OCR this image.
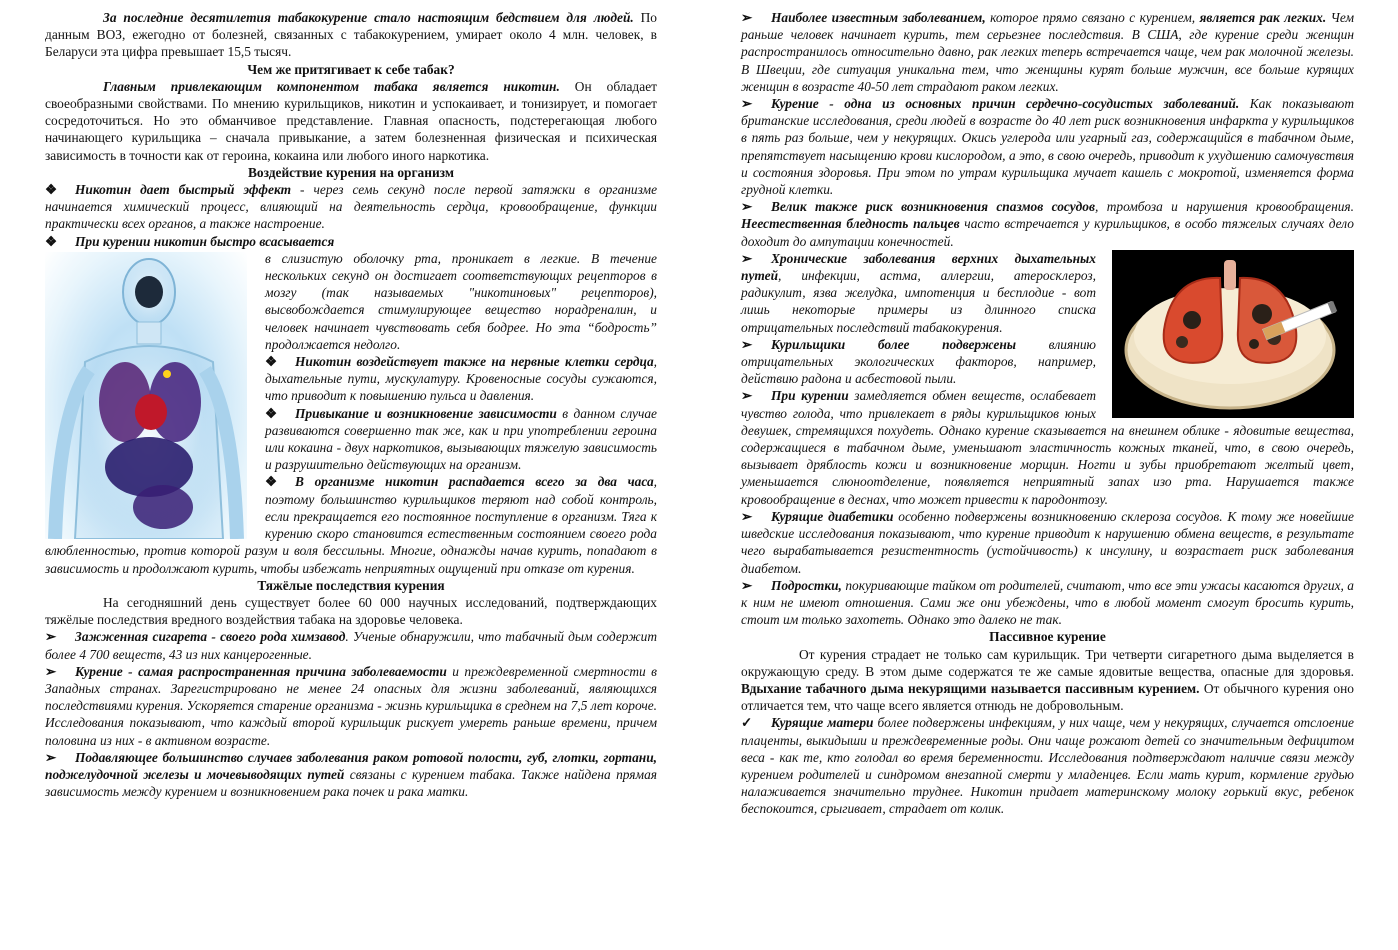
За последние десятилетия табакокурение стало настоящим бедствием для людей. По данным ВОЗ, ежегодно от болезней, связанных с табакокурением, умирает около 4 млн. человек, в Беларуси эта цифра превышает 15,5 тысяч.

Чем же притягивает к себе табак?

Главным привлекающим компонентом табака является никотин. Он обладает своеобразными свойствами. По мнению курильщиков, никотин и успокаивает, и тонизирует, и помогает сосредоточиться. Но это обманчивое представление. Главная опасность, подстерегающая любого начинающего курильщика – сначала привыкание, а затем болезненная физическая и психическая зависимость в точности как от героина, кокаина или любого иного наркотика.

Воздействие курения на организм

❖ Никотин дает быстрый эффект - через семь секунд после первой затяжки в организме начинается химический процесс, влияющий на деятельность сердца, кровообращение, функции практически всех органов, а также настроение.

❖ При курении никотин быстро всасывается

в слизистую оболочку рта, проникает в легкие. В течение нескольких секунд он достигает соответствующих рецепторов в мозгу (так называемых "никотиновых" рецепторов), высвобождается стимулирующее вещество норадреналин, и человек начинает чувствовать себя бодрее. Но эта “бодрость” продолжается недолго.

❖ Никотин воздействует также на нервные клетки сердца, дыхательные пути, мускулатуру. Кровеносные сосуды сужаются, что приводит к повышению пульса и давления.

❖ Привыкание и возникновение зависимости в данном случае развиваются совершенно так же, как и при употреблении героина или кокаина - двух наркотиков, вызывающих тяжелую зависимость и разрушительно действующих на организм.

❖ В организме никотин распадается всего за два часа, поэтому большинство курильщиков теряют над собой контроль, если прекращается его постоянное поступление в организм. Тяга к курению скоро становится естественным состоянием своего рода влюбленностью, против которой разум и воля бессильны. Многие, однажды начав курить, попадают в зависимость и продолжают курить, чтобы избежать неприятных ощущений при отказе от курения.

Тяжёлые последствия курения

На сегодняшний день существует более 60 000 научных исследований, подтверждающих тяжёлые последствия вредного воздействия табака на здоровье человека.

➢ Зажженная сигарета - своего рода химзавод. Ученые обнаружили, что табачный дым содержит более 4 700 веществ, 43 из них канцерогенные.

➢ Курение - самая распространенная причина заболеваемости и преждевременной смертности в Западных странах. Зарегистрировано не менее 24 опасных для жизни заболеваний, являющихся последствиями курения. Ускоряется старение организма - жизнь курильщика в среднем на 7,5 лет короче. Исследования показывают, что каждый второй курильщик рискует умереть раньше времени, причем половина из них - в активном возрасте.

➢ Подавляющее большинство случаев заболевания раком ротовой полости, губ, глотки, гортани, поджелудочной железы и мочевыводящих путей связаны с курением табака. Также найдена прямая зависимость между курением и возникновением рака почек и рака матки.

➢ Наиболее известным заболеванием, которое прямо связано с курением, является рак легких. Чем раньше человек начинает курить, тем серьезнее последствия. В США, где курение среди женщин распространилось относительно давно, рак легких теперь встречается чаще, чем рак молочной железы. В Швеции, где ситуация уникальна тем, что женщины курят больше мужчин, все больше курящих женщин в возрасте 40-50 лет страдают раком легких.

➢ Курение - одна из основных причин сердечно-сосудистых заболеваний. Как показывают британские исследования, среди людей в возрасте до 40 лет риск возникновения инфаркта у курильщиков в пять раз больше, чем у некурящих. Окись углерода или угарный газ, содержащийся в табачном дыме, препятствует насыщению крови кислородом, а это, в свою очередь, приводит к ухудшению самочувствия и состояния здоровья. При этом по утрам курильщика мучает кашель с мокротой, изменяется форма грудной клетки.

➢ Велик также риск возникновения спазмов сосудов, тромбоза и нарушения кровообращения. Неестественная бледность пальцев часто встречается у курильщиков, в особо тяжелых случаях дело доходит до ампутации конечностей.

➢ Хронические заболевания верхних дыхательных путей, инфекции, астма, аллергии, атеросклероз, радикулит, язва желудка, импотенция и бесплодие - вот лишь некоторые примеры из длинного списка отрицательных последствий табакокурения.

➢ Курильщики более подвержены влиянию отрицательных экологических факторов, например, действию радона и асбестовой пыли.

➢ При курении замедляется обмен веществ, ослабевает чувство голода, что привлекает в ряды курильщиков юных девушек, стремящихся похудеть. Однако курение сказывается на внешнем облике - ядовитые вещества, содержащиеся в табачном дыме, уменьшают эластичность кожных тканей, что, в свою очередь, вызывает дряблость кожи и возникновение морщин. Ногти и зубы приобретают желтый цвет, уменьшается слюноотделение, появляется неприятный запах изо рта. Нарушается также кровообращение в деснах, что может привести к пародонтозу.

➢ Курящие диабетики особенно подвержены возникновению склероза сосудов. К тому же новейшие шведские исследования показывают, что курение приводит к нарушению обмена веществ, в результате чего вырабатывается резистентность (устойчивость) к инсулину, и возрастает риск заболевания диабетом.

➢ Подростки, покуривающие тайком от родителей, считают, что все эти ужасы касаются других, а к ним не имеют отношения. Сами же они убеждены, что в любой момент смогут бросить курить, стоит им только захотеть. Однако это далеко не так.

Пассивное курение

От курения страдает не только сам курильщик. Три четверти сигаретного дыма выделяется в окружающую среду. В этом дыме содержатся те же самые ядовитые вещества, опасные для здоровья. Вдыхание табачного дыма некурящими называется пассивным курением. От обычного курения оно отличается тем, что чаще всего является отнюдь не добровольным.

✓ Курящие матери более подвержены инфекциям, у них чаще, чем у некурящих, случается отслоение плаценты, выкидыши и преждевременные роды. Они чаще рожают детей со значительным дефицитом веса - как те, кто голодал во время беременности. Исследования подтверждают наличие связи между курением родителей и синдромом внезапной смерти у младенцев. Если мать курит, кормление грудью налаживается значительно труднее. Никотин придает материнскому молоку горький вкус, ребенок беспокоится, срыгивает, страдает от колик.
